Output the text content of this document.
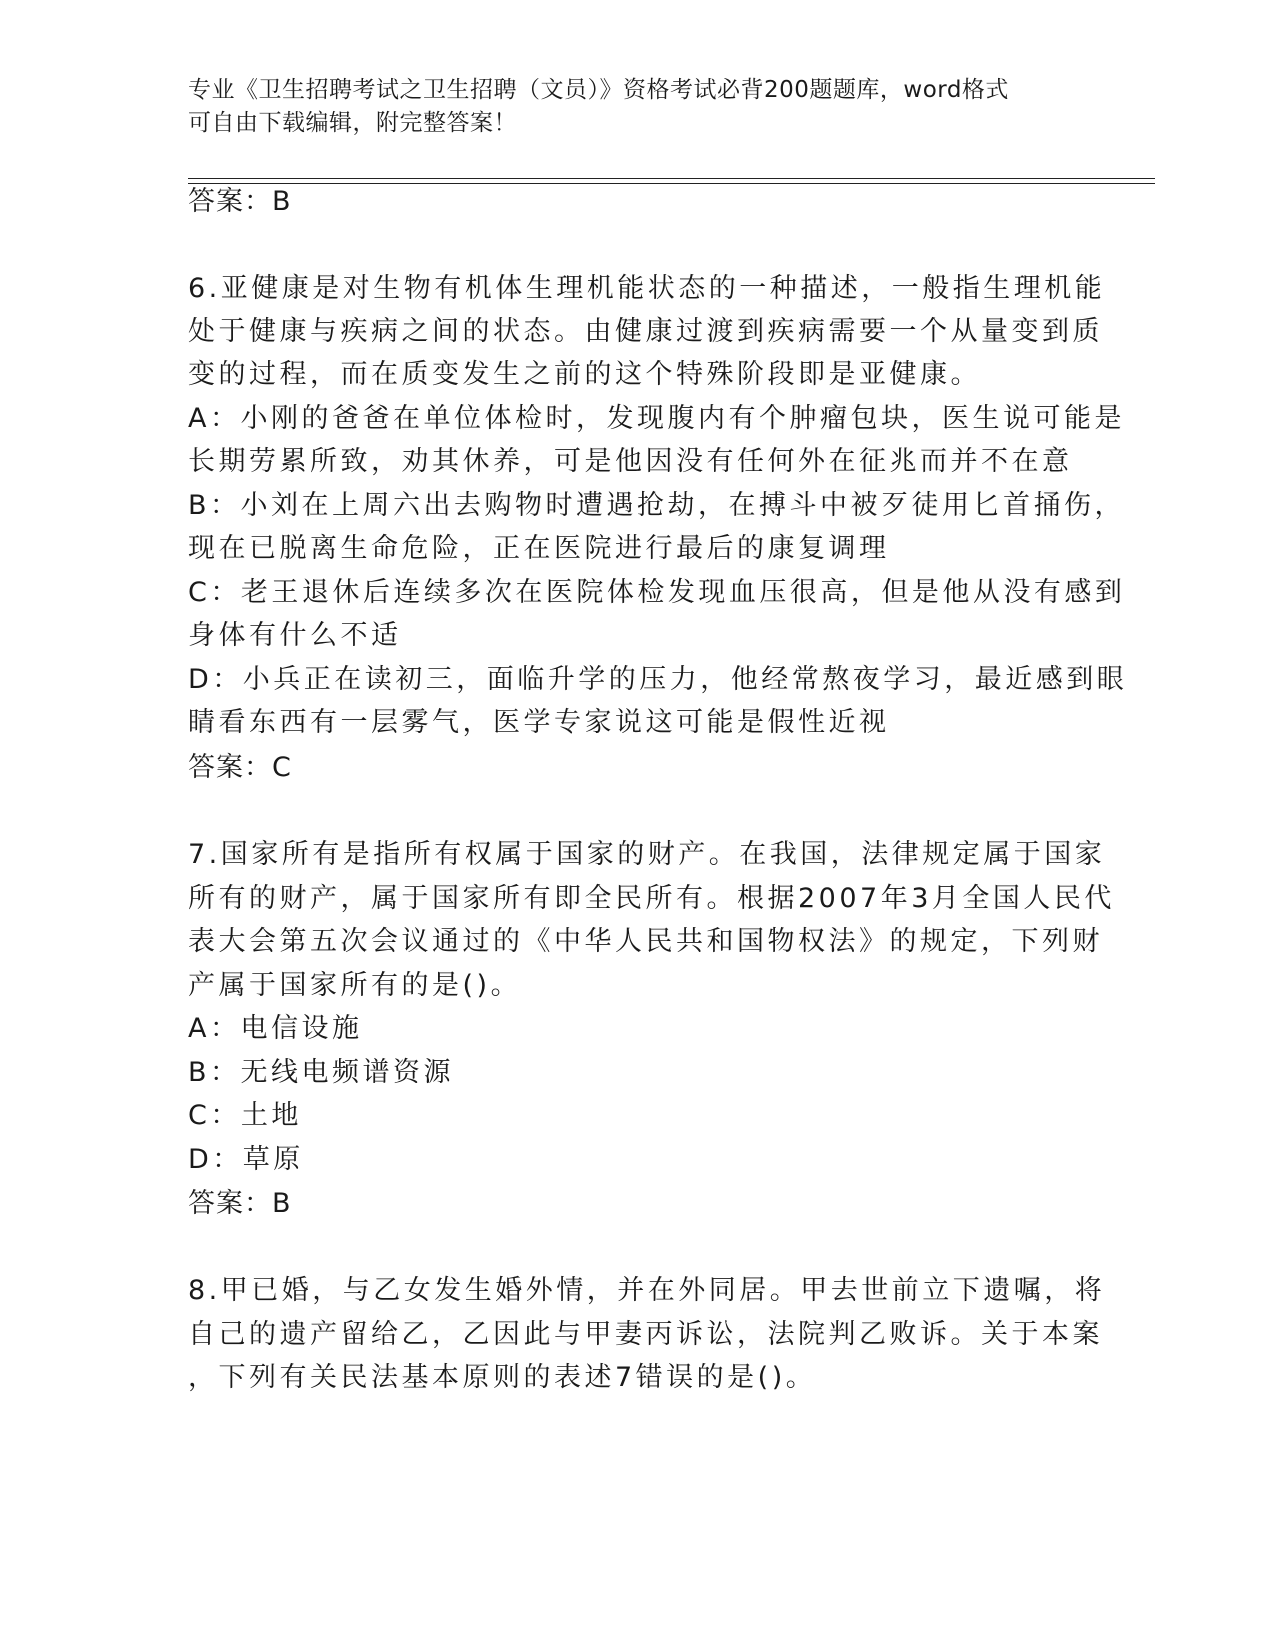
专业《卫生招聘考试之卫生招聘（文员）》资格考试必背200题题库，word格式
可自由下载编辑，附完整答案！
答案：B
6.亚健康是对生物有机体生理机能状态的一种描述，一般指生理机能
处于健康与疾病之间的状态。由健康过渡到疾病需要一个从量变到质
变的过程，而在质变发生之前的这个特殊阶段即是亚健康。
A：小刚的爸爸在单位体检时，发现腹内有个肿瘤包块，医生说可能是
长期劳累所致，劝其休养，可是他因没有任何外在征兆而并不在意
B：小刘在上周六出去购物时遭遇抢劫，在搏斗中被歹徒用匕首捅伤，
现在已脱离生命危险，正在医院进行最后的康复调理
C：老王退休后连续多次在医院体检发现血压很高，但是他从没有感到
身体有什么不适
D：小兵正在读初三，面临升学的压力，他经常熬夜学习，最近感到眼
睛看东西有一层雾气，医学专家说这可能是假性近视
答案：C
7.国家所有是指所有权属于国家的财产。在我国，法律规定属于国家
所有的财产，属于国家所有即全民所有。根据2007年3月全国人民代
表大会第五次会议通过的《中华人民共和国物权法》的规定，下列财
产属于国家所有的是()。
A：电信设施
B：无线电频谱资源
C：土地
D：草原
答案：B
8.甲已婚，与乙女发生婚外情，并在外同居。甲去世前立下遗嘱，将
自己的遗产留给乙，乙因此与甲妻丙诉讼，法院判乙败诉。关于本案
，下列有关民法基本原则的表述7错误的是()。
